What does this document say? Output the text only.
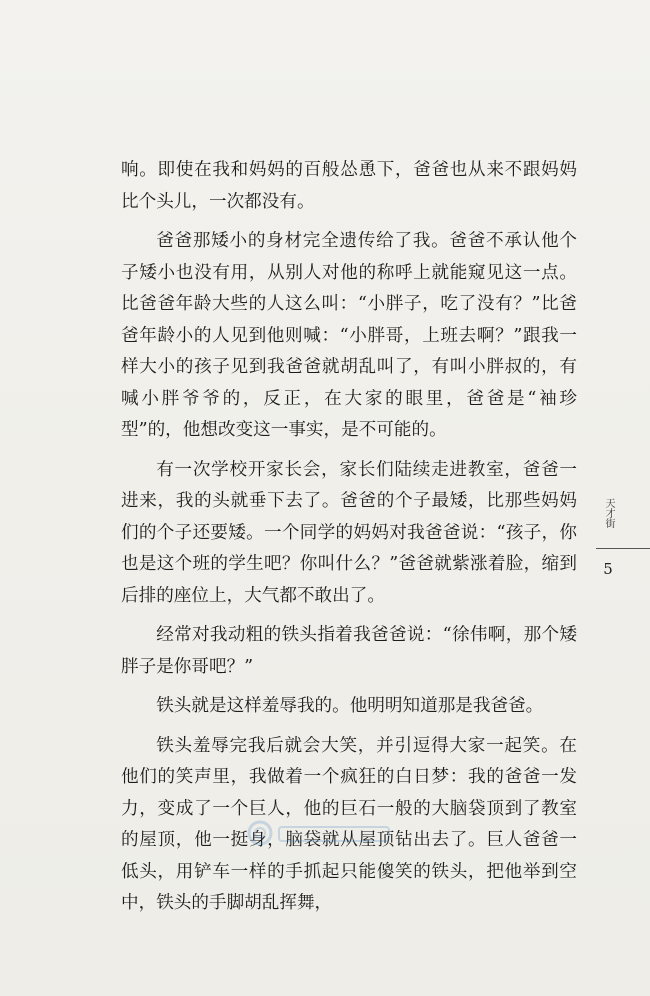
响。即使在我和妈妈的百般怂恿下，爸爸也从来不跟妈妈比个头儿，一次都没有。

爸爸那矮小的身材完全遗传给了我。爸爸不承认他个子矮小也没有用，从别人对他的称呼上就能窥见这一点。比爸爸年龄大些的人这么叫：“小胖子，吃了没有？”比爸爸年龄小的人见到他则喊：“小胖哥，上班去啊？”跟我一样大小的孩子见到我爸爸就胡乱叫了，有叫小胖叔的，有喊小胖爷爷的，反正，在大家的眼里，爸爸是“袖珍型”的，他想改变这一事实，是不可能的。

有一次学校开家长会，家长们陆续走进教室，爸爸一进来，我的头就垂下去了。爸爸的个子最矮，比那些妈妈们的个子还要矮。一个同学的妈妈对我爸爸说：“孩子，你也是这个班的学生吧？你叫什么？”爸爸就紫涨着脸，缩到后排的座位上，大气都不敢出了。

经常对我动粗的铁头指着我爸爸说：“徐伟啊，那个矮胖子是你哥吧？”

铁头就是这样羞辱我的。他明明知道那是我爸爸。

铁头羞辱完我后就会大笑，并引逗得大家一起笑。在他们的笑声里，我做着一个疯狂的白日梦：我的爸爸一发力，变成了一个巨人，他的巨石一般的大脑袋顶到了教室的屋顶，他一挺身，脑袋就从屋顶钻出去了。巨人爸爸一低头，用铲车一样的手抓起只能傻笑的铁头，把他举到空中，铁头的手脚胡乱挥舞，

天才街
5
